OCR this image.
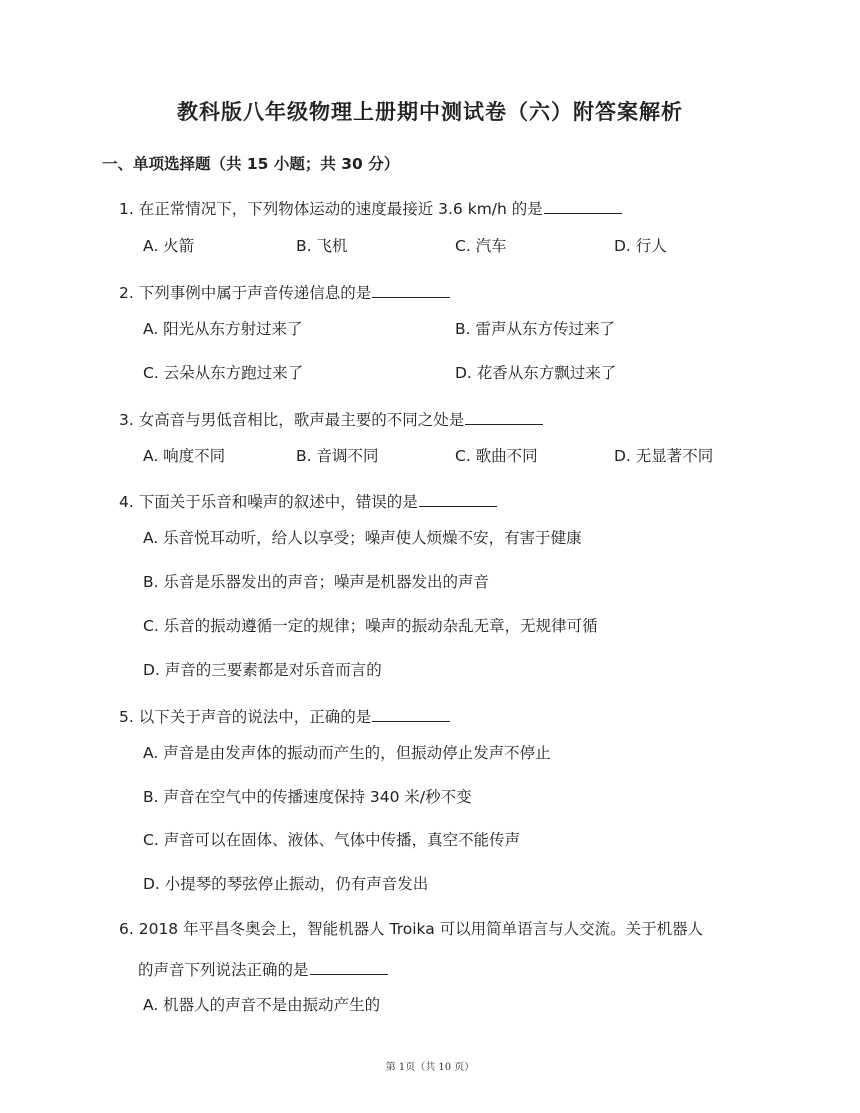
教科版八年级物理上册期中测试卷（六）附答案解析
一、单项选择题（共 15 小题；共 30 分）
1. 在正常情况下，下列物体运动的速度最接近 3.6 km/h 的是
A. 火箭	B. 飞机	C. 汽车	D. 行人
2. 下列事例中属于声音传递信息的是
A. 阳光从东方射过来了	B. 雷声从东方传过来了
C. 云朵从东方跑过来了	D. 花香从东方飘过来了
3. 女高音与男低音相比，歌声最主要的不同之处是
A. 响度不同	B. 音调不同	C. 歌曲不同	D. 无显著不同
4. 下面关于乐音和噪声的叙述中，错误的是
A. 乐音悦耳动听，给人以享受；噪声使人烦燥不安，有害于健康
B. 乐音是乐器发出的声音；噪声是机器发出的声音
C. 乐音的振动遵循一定的规律；噪声的振动杂乱无章，无规律可循
D. 声音的三要素都是对乐音而言的
5. 以下关于声音的说法中，正确的是
A. 声音是由发声体的振动而产生的，但振动停止发声不停止
B. 声音在空气中的传播速度保持 340 米/秒不变
C. 声音可以在固体、液体、气体中传播，真空不能传声
D. 小提琴的琴弦停止振动，仍有声音发出
6. 2018 年平昌冬奥会上，智能机器人 Troika 可以用简单语言与人交流。关于机器人
的声音下列说法正确的是
A. 机器人的声音不是由振动产生的
第 1页（共 10 页）
